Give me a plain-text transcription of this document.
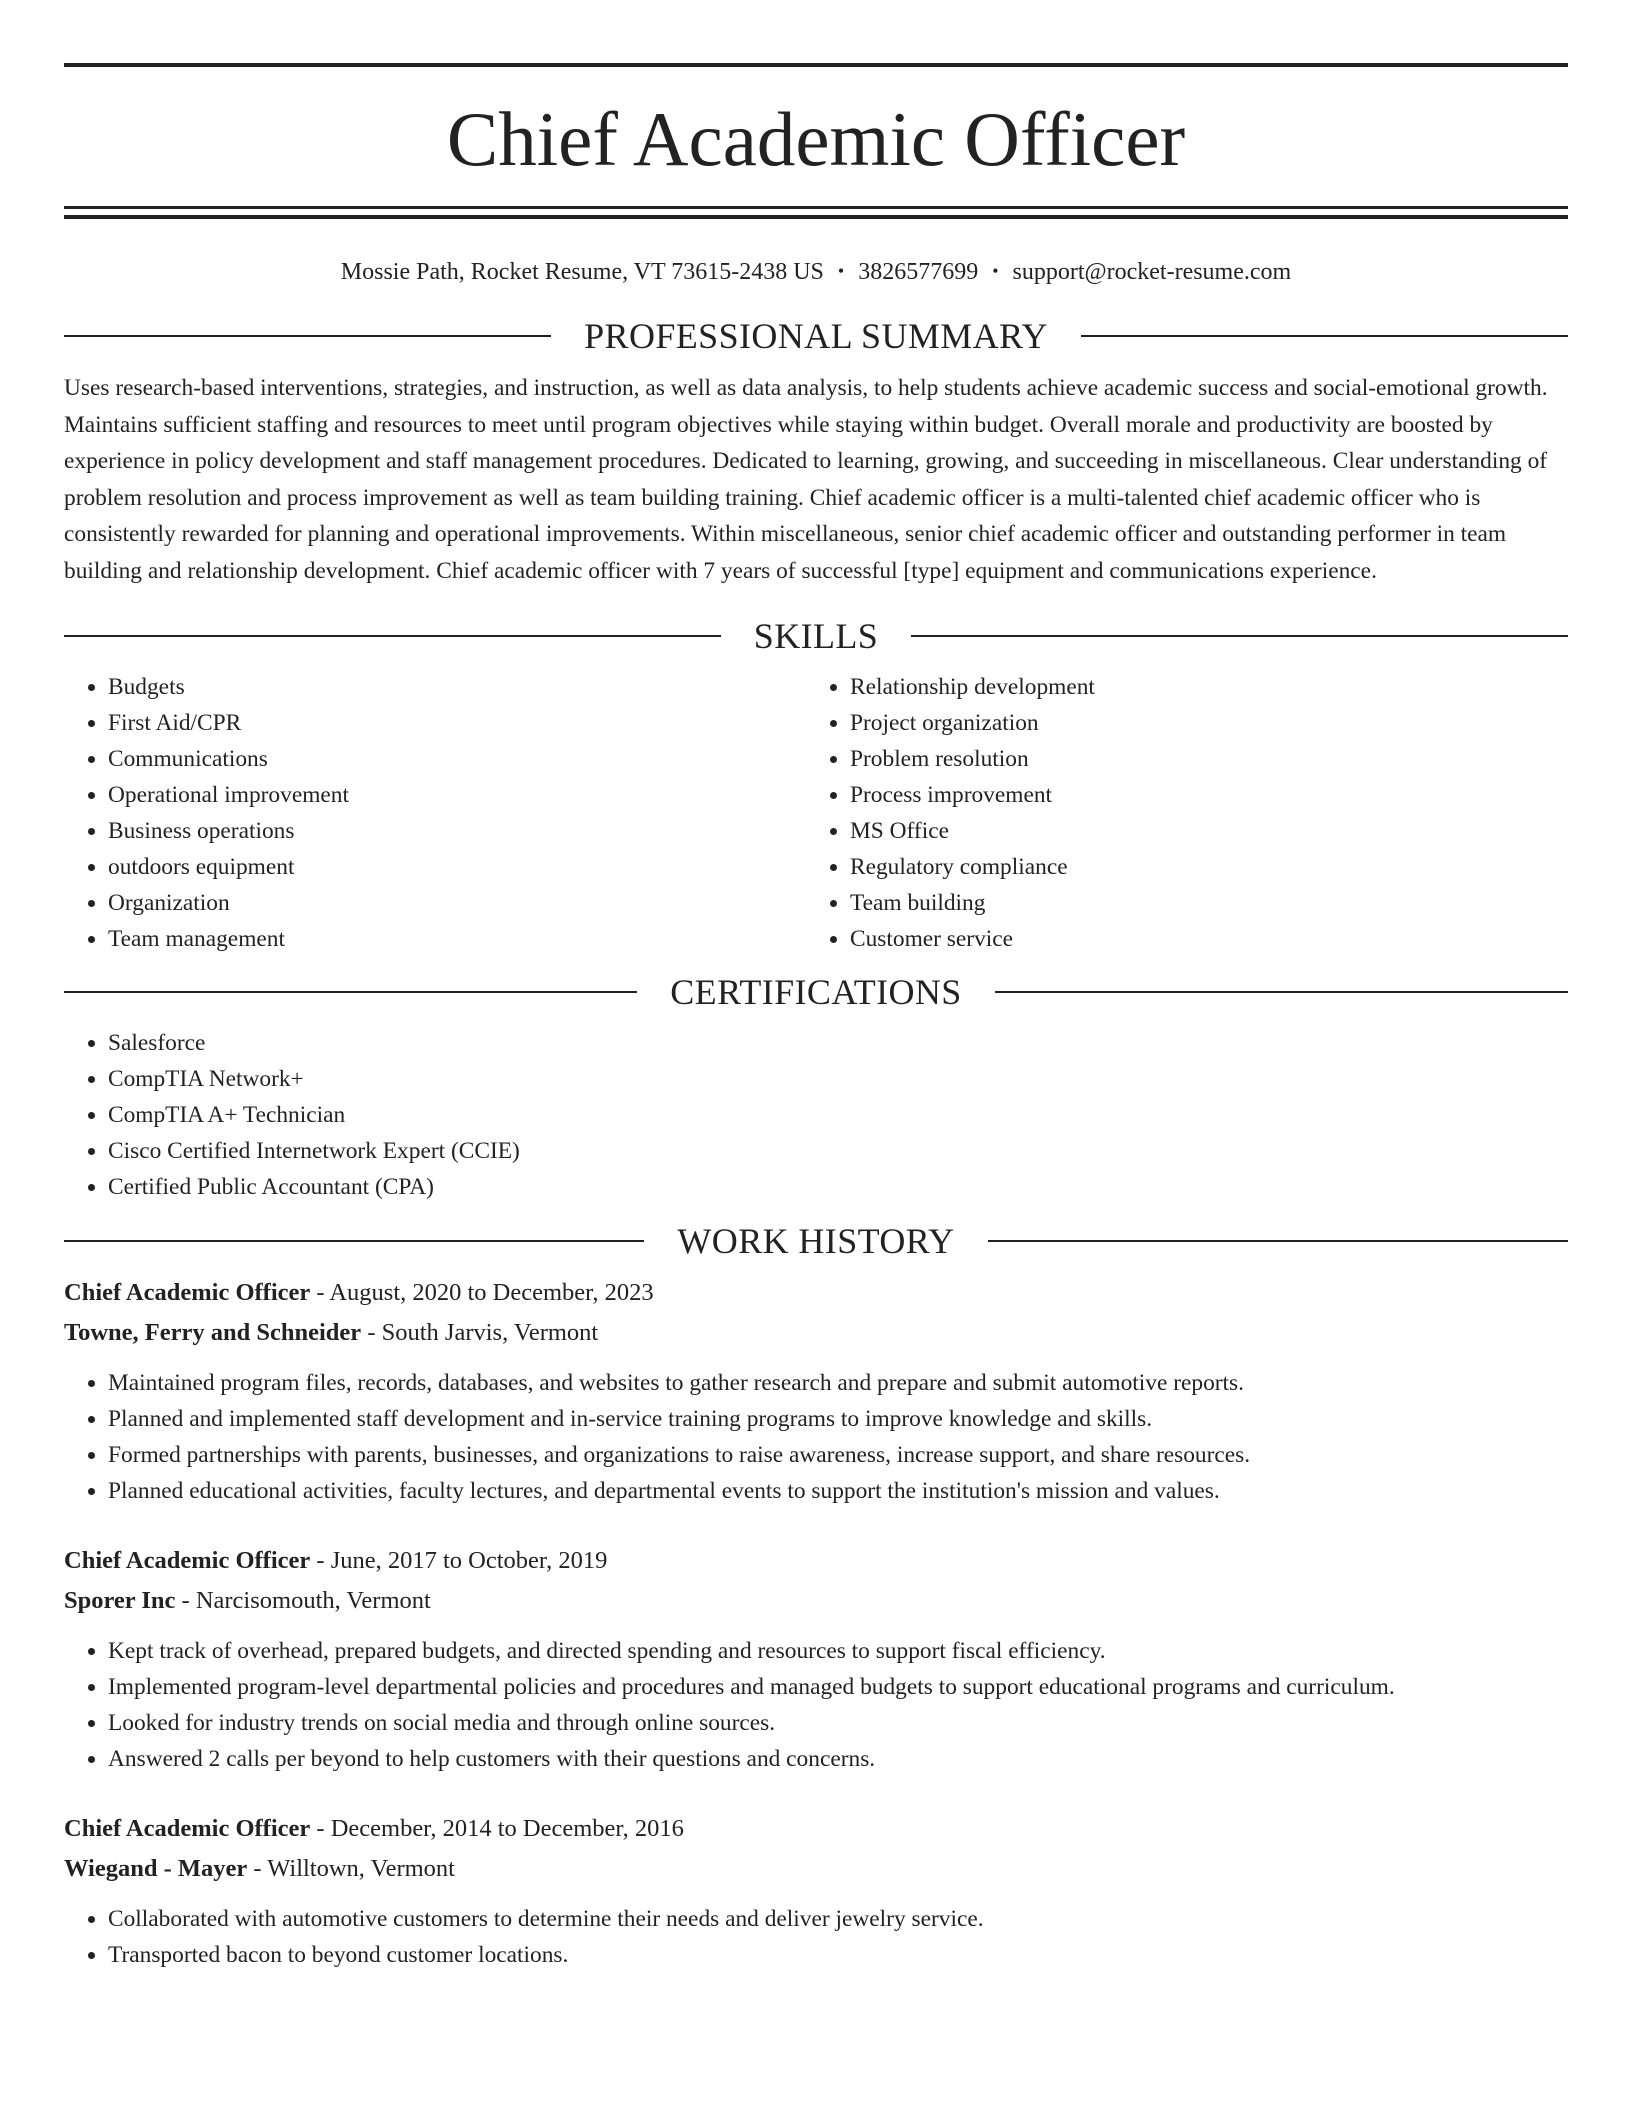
Chief Academic Officer
Mossie Path, Rocket Resume, VT 73615-2438 US • 3826577699 • support@rocket-resume.com
PROFESSIONAL SUMMARY

Uses research-based interventions, strategies, and instruction, as well as data analysis, to help students achieve academic success and social-emotional growth. Maintains sufficient staffing and resources to meet until program objectives while staying within budget. Overall morale and productivity are boosted by experience in policy development and staff management procedures. Dedicated to learning, growing, and succeeding in miscellaneous. Clear understanding of problem resolution and process improvement as well as team building training. Chief academic officer is a multi-talented chief academic officer who is consistently rewarded for planning and operational improvements. Within miscellaneous, senior chief academic officer and outstanding performer in team building and relationship development. Chief academic officer with 7 years of successful [type] equipment and communications experience.

SKILLS
• Budgets
• First Aid/CPR
• Communications
• Operational improvement
• Business operations
• outdoors equipment
• Organization
• Team management
• Relationship development
• Project organization
• Problem resolution
• Process improvement
• MS Office
• Regulatory compliance
• Team building
• Customer service
CERTIFICATIONS
• Salesforce
• CompTIA Network+
• CompTIA A+ Technician
• Cisco Certified Internetwork Expert (CCIE)
• Certified Public Accountant (CPA)
WORK HISTORY
Chief Academic Officer - August, 2020 to December, 2023
Towne, Ferry and Schneider - South Jarvis, Vermont
• Maintained program files, records, databases, and websites to gather research and prepare and submit automotive reports.
• Planned and implemented staff development and in-service training programs to improve knowledge and skills.
• Formed partnerships with parents, businesses, and organizations to raise awareness, increase support, and share resources.
• Planned educational activities, faculty lectures, and departmental events to support the institution's mission and values.
Chief Academic Officer - June, 2017 to October, 2019
Sporer Inc - Narcisomouth, Vermont
• Kept track of overhead, prepared budgets, and directed spending and resources to support fiscal efficiency.
• Implemented program-level departmental policies and procedures and managed budgets to support educational programs and curriculum.
• Looked for industry trends on social media and through online sources.
• Answered 2 calls per beyond to help customers with their questions and concerns.
Chief Academic Officer - December, 2014 to December, 2016
Wiegand - Mayer - Willtown, Vermont
• Collaborated with automotive customers to determine their needs and deliver jewelry service.
• Transported bacon to beyond customer locations.
